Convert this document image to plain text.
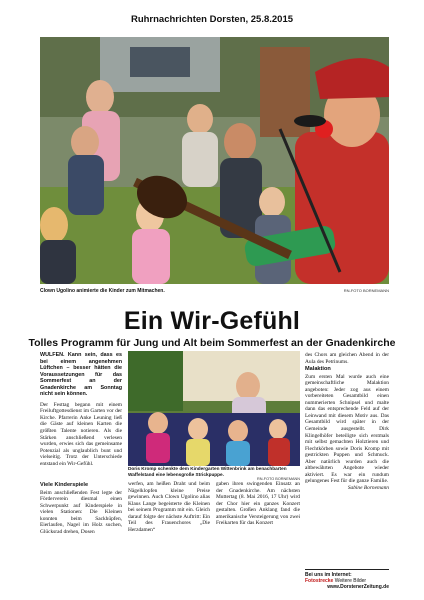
Ruhrnachrichten Dorsten, 25.8.2015
Clown Ugolino animierte die Kinder zum Mitmachen.	RN-FOTO BORNEMANN
Ein Wir-Gefühl
Tolles Programm für Jung und Alt beim Sommerfest an der Gnadenkirche

WULFEN. Kann sein, dass es bei einem angenehmen Lüftchen – besser hätten die Voraussetzungen für das Sommerfest an der Gnadenkirche am Sonntag nicht sein können.

Der Festtag begann mit einem Freiluftgottesdienst im Garten vor der Kirche. Pfarrerin Anke Leuning ließ die Gäste auf kleinen Karten die größten Talente notieren. Als die Stärken anschließend verlesen wurden, erwies sich das gemeinsame Potenzial als unglaublich bunt und vielseitig. Trotz der Unterschiede entstand ein Wir-Gefühl.

Viele Kinderspiele

Beim anschließenden Fest legte der Förderverein diesmal einen Schwerpunkt auf Kinderspiele in vielen Stationen: Die Kleinen konnten beim Sackhüpfen, Eierlaufen, Nagel im Holz suchen, Glücksrad drehen, Dosen

Doris Kromp schenkte dem Kindergarten Wittenbrink am benachbarten Waffelstand eine lebensgroße Strickpuppe.
RN-FOTO BORNEMANN

werfen, am heißen Draht und beim Nägelklopfen kleine Preise gewinnen. Auch Clown Ugolino alias Klaus Lange begeisterte die Kleinen bei seinem Programm mit ein. Gleich darauf folgte der nächste Auftritt: Ein Teil des Frauenchores „Die Herzdamen“

gaben ihren swingenden Einsatz an der Gnadenkirche. Am nächsten Muttertag (8. Mai 2016, 17 Uhr) wird der Chor hier ein ganzes Konzert gestalten. Großen Anklang fand die amerikanische Versteigerung von zwei Freikarten für das Konzert

des Chors am gleichen Abend in der Aula des Petrinums.

Malaktion

Zum ersten Mal wurde auch eine gemeinschaftliche Malaktion angeboten: Jeder zog aus einem vorbereiteten Gesamtbild einen nummerierten Schnipsel und malte dann das entsprechende Feld auf der Leinwand mit diesem Motiv aus. Das Gesamtbild wird später in der Gemeinde ausgestellt. Dirk Klingelhöfer beteiligte sich erstmals mit selbst gemachten Holztieren und Flechtkörben sowie Doris Kromp mit gestrickten Puppen und Schmuck. Aber natürlich wurden auch die altbewährten Angebote wieder aktiviert. Es war ein rundum gelungenes Fest für die ganze Familie.

Sabine Bornemann

Bei uns im Internet:
Fotostrecke Weitere Bilder
www.DorstenerZeitung.de
